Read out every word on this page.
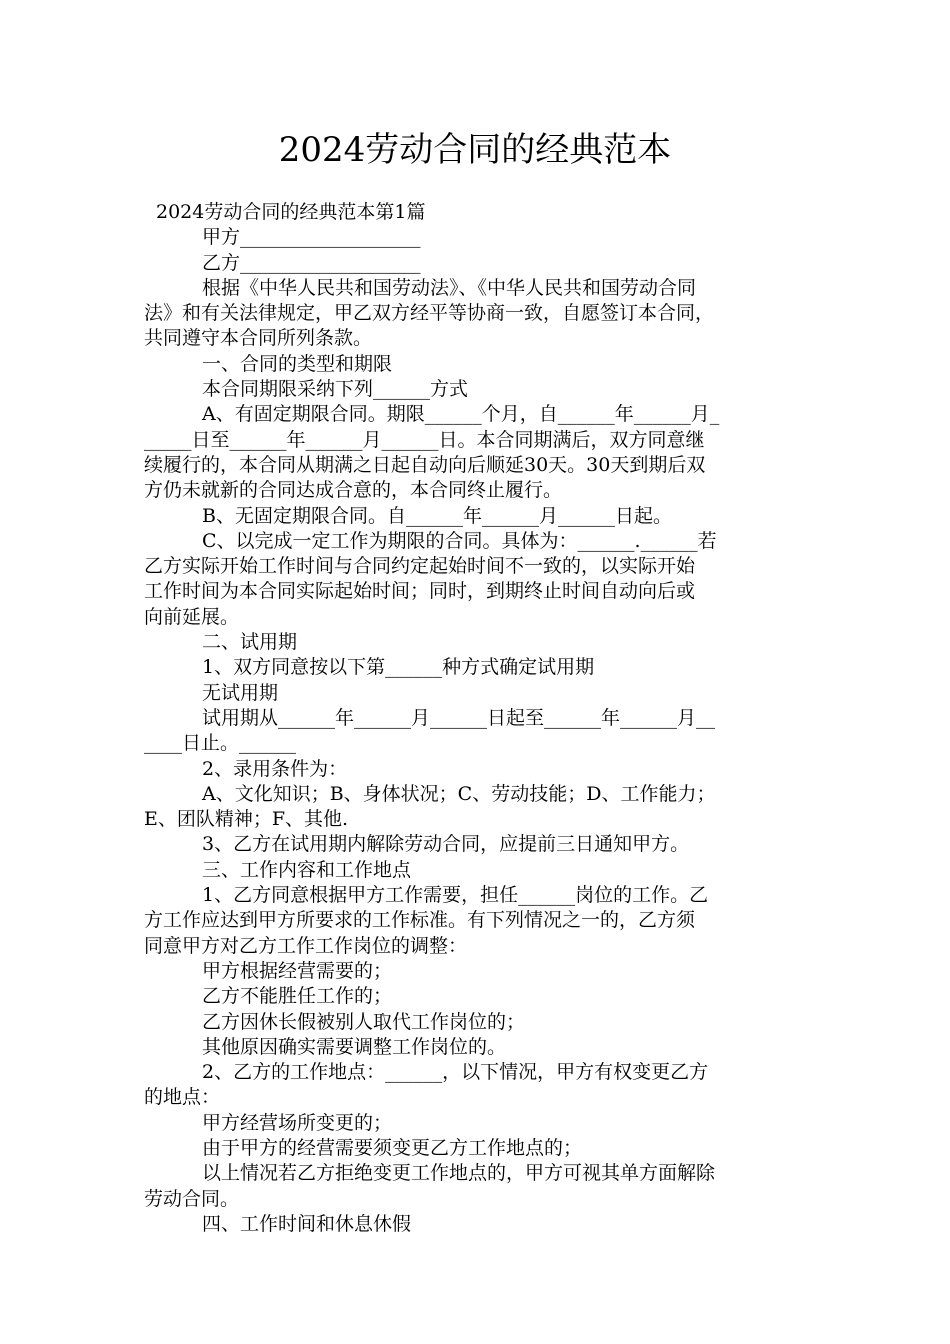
2024劳动合同的经典范本
2024劳动合同的经典范本第1篇
甲方___________________
乙方___________________
根据《中华人民共和国劳动法》、《中华人民共和国劳动合同
法》和有关法律规定，甲乙双方经平等协商一致，自愿签订本合同，
共同遵守本合同所列条款。
一、合同的类型和期限
本合同期限采纳下列______方式
A、有固定期限合同。期限______个月，自______年______月_
_____日至______年______月______日。本合同期满后，双方同意继
续履行的，本合同从期满之日起自动向后顺延30天。30天到期后双
方仍未就新的合同达成合意的，本合同终止履行。
B、无固定期限合同。自______年______月______日起。
C、以完成一定工作为期限的合同。具体为：______.______若
乙方实际开始工作时间与合同约定起始时间不一致的，以实际开始
工作时间为本合同实际起始时间；同时，到期终止时间自动向后或
向前延展。
二、试用期
1、双方同意按以下第______种方式确定试用期
无试用期
试用期从______年______月______日起至______年______月__
____日止。______
2、录用条件为：
A、文化知识；B、身体状况；C、劳动技能；D、工作能力；
E、团队精神；F、其他.
3、乙方在试用期内解除劳动合同，应提前三日通知甲方。
三、工作内容和工作地点
1、乙方同意根据甲方工作需要，担任______岗位的工作。乙
方工作应达到甲方所要求的工作标准。有下列情况之一的，乙方须
同意甲方对乙方工作工作岗位的调整：
甲方根据经营需要的；
乙方不能胜任工作的；
乙方因休长假被别人取代工作岗位的；
其他原因确实需要调整工作岗位的。
2、乙方的工作地点：______，以下情况，甲方有权变更乙方
的地点：
甲方经营场所变更的；
由于甲方的经营需要须变更乙方工作地点的；
以上情况若乙方拒绝变更工作地点的，甲方可视其单方面解除
劳动合同。
四、工作时间和休息休假
